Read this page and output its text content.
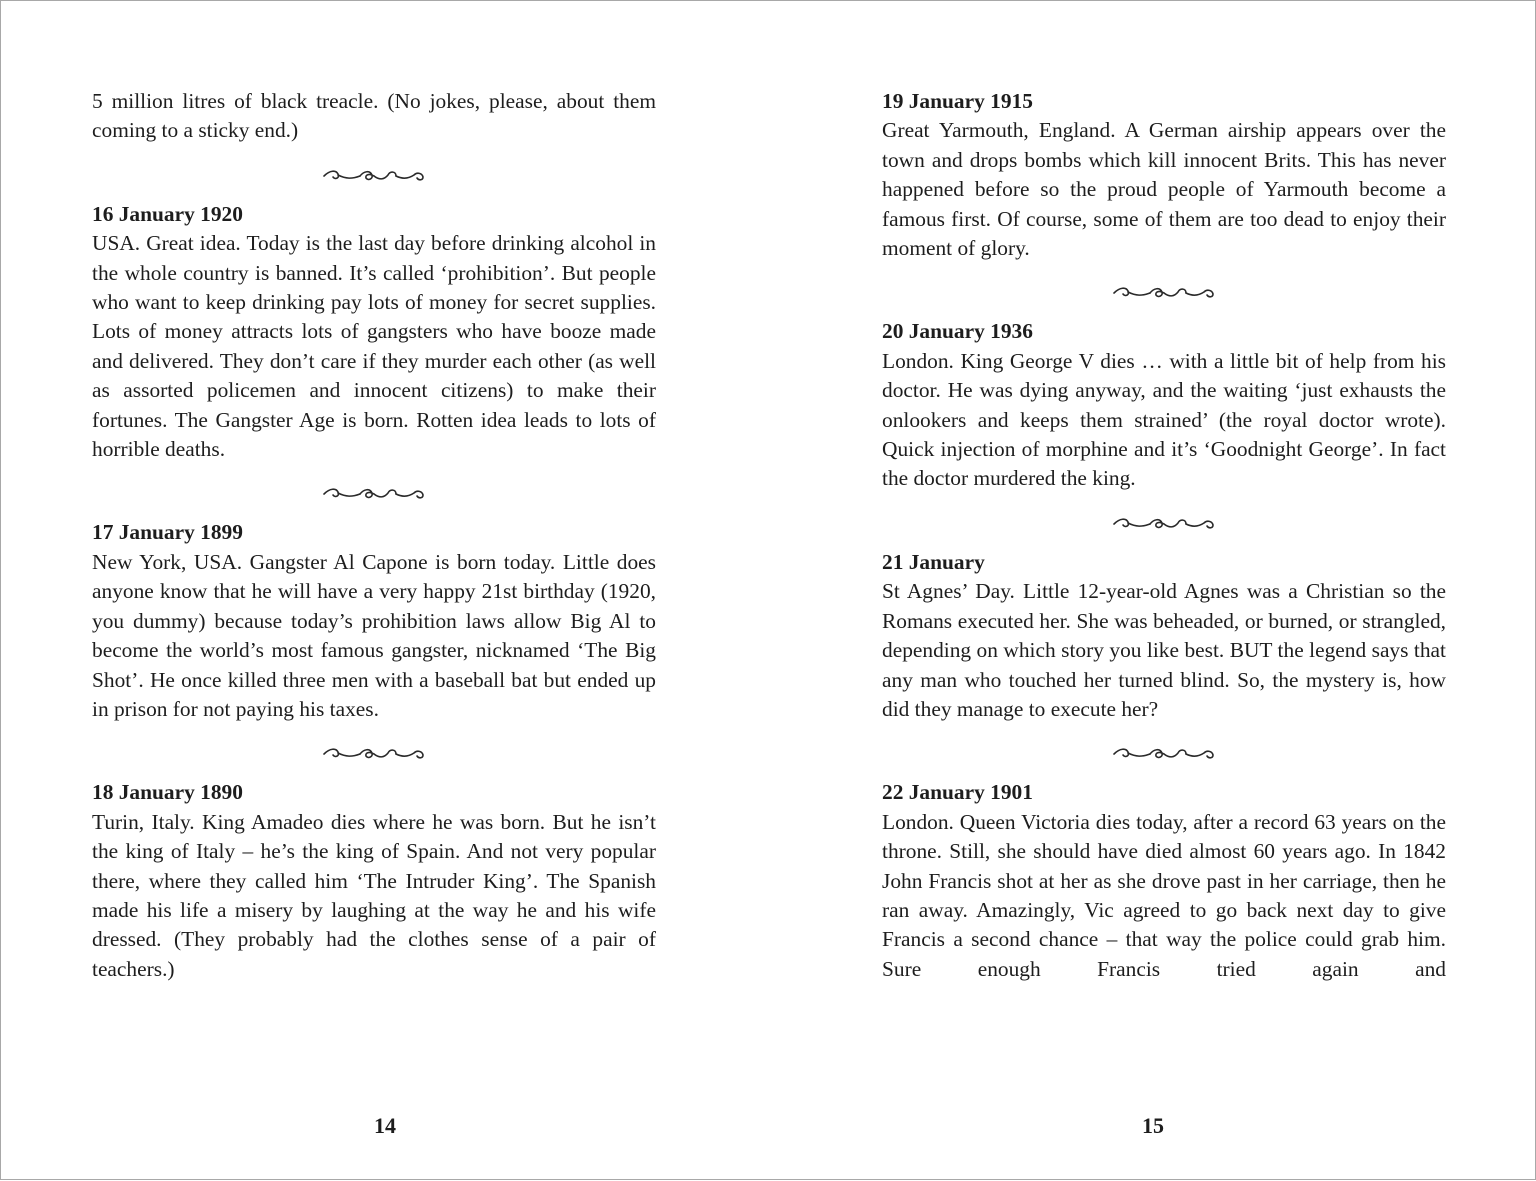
5 million litres of black treacle. (No jokes, please, about them coming to a sticky end.)

16 January 1920

USA. Great idea. Today is the last day before drinking alcohol in the whole country is banned. It’s called ‘prohibition’. But people who want to keep drinking pay lots of money for secret supplies. Lots of money attracts lots of gangsters who have booze made and delivered. They don’t care if they murder each other (as well as assorted policemen and innocent citizens) to make their fortunes. The Gangster Age is born. Rotten idea leads to lots of horrible deaths.

17 January 1899

New York, USA. Gangster Al Capone is born today. Little does anyone know that he will have a very happy 21st birthday (1920, you dummy) because today’s prohibition laws allow Big Al to become the world’s most famous gangster, nicknamed ‘The Big Shot’. He once killed three men with a baseball bat but ended up in prison for not paying his taxes.

18 January 1890

Turin, Italy. King Amadeo dies where he was born. But he isn’t the king of Italy – he’s the king of Spain. And not very popular there, where they called him ‘The Intruder King’. The Spanish made his life a misery by laughing at the way he and his wife dressed. (They probably had the clothes sense of a pair of teachers.)

14
19 January 1915

Great Yarmouth, England. A German airship appears over the town and drops bombs which kill innocent Brits. This has never happened before so the proud people of Yarmouth become a famous first. Of course, some of them are too dead to enjoy their moment of glory.

20 January 1936

London. King George V dies … with a little bit of help from his doctor. He was dying anyway, and the waiting ‘just exhausts the onlookers and keeps them strained’ (the royal doctor wrote). Quick injection of morphine and it’s ‘Goodnight George’. In fact the doctor murdered the king.

21 January

St Agnes’ Day. Little 12-year-old Agnes was a Christian so the Romans executed her. She was beheaded, or burned, or strangled, depending on which story you like best. BUT the legend says that any man who touched her turned blind. So, the mystery is, how did they manage to execute her?

22 January 1901

London. Queen Victoria dies today, after a record 63 years on the throne. Still, she should have died almost 60 years ago. In 1842 John Francis shot at her as she drove past in her carriage, then he ran away. Amazingly, Vic agreed to go back next day to give Francis a second chance – that way the police could grab him. Sure enough Francis tried again and

15
